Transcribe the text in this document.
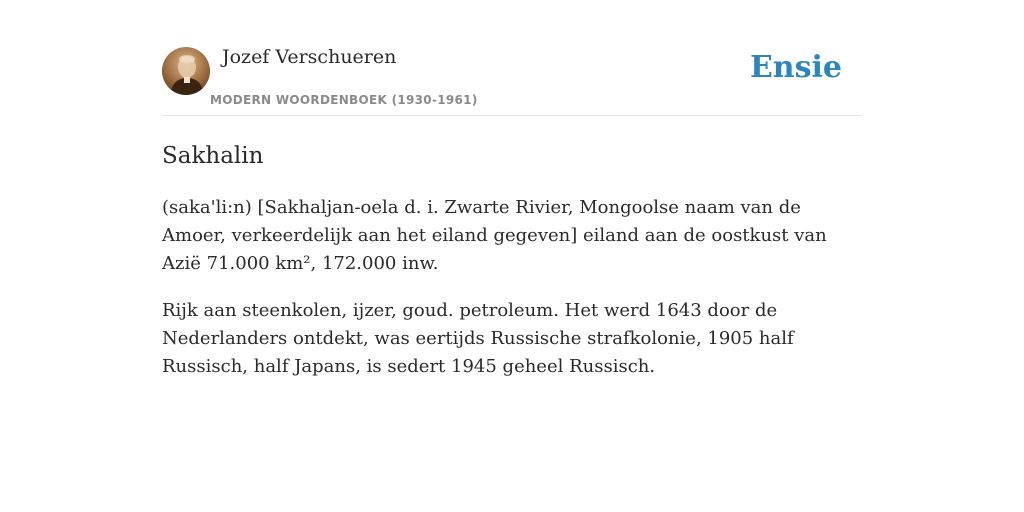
Jozef Verschueren
MODERN WOORDENBOEK (1930-1961)
Ensie
Sakhalin

(saka'li:n) [Sakhaljan-oela d. i. Zwarte Rivier, Mongoolse naam van de Amoer, verkeerdelijk aan het eiland gegeven] eiland aan de oostkust van Azië 71.000 km², 172.000 inw.

Rijk aan steenkolen, ijzer, goud. petroleum. Het werd 1643 door de Nederlanders ontdekt, was eertijds Russische strafkolonie, 1905 half Russisch, half Japans, is sedert 1945 geheel Russisch.
